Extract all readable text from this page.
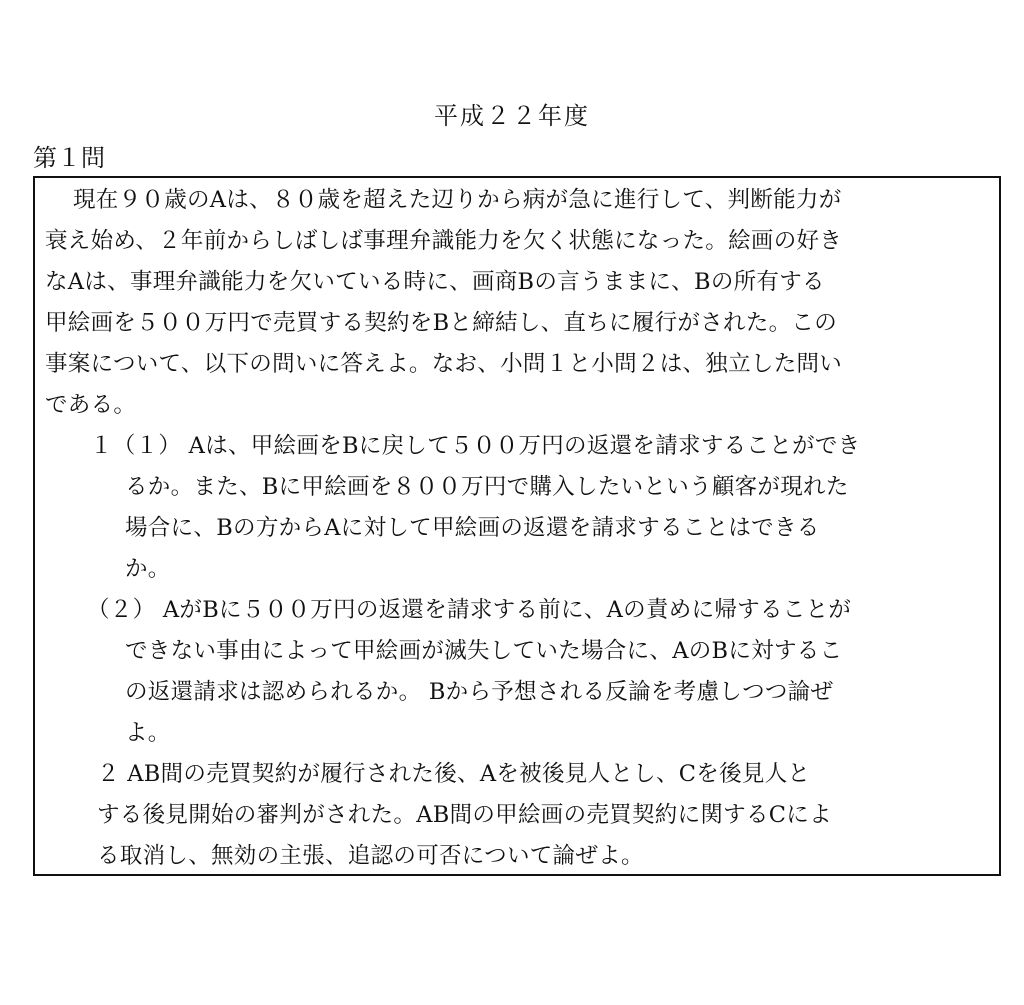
平成２２年度
第１問
現在９０歳のAは、８０歳を超えた辺りから病が急に進行して、判断能力が
衰え始め、２年前からしばしば事理弁識能力を欠く状態になった。絵画の好き
なAは、事理弁識能力を欠いている時に、画商Bの言うままに、Bの所有する
甲絵画を５００万円で売買する契約をBと締結し、直ちに履行がされた。この
事案について、以下の問いに答えよ。なお、小問１と小問２は、独立した問い
である。
１（１） Aは、甲絵画をBに戻して５００万円の返還を請求することができ
るか。また、Bに甲絵画を８００万円で購入したいという顧客が現れた
場合に、Bの方からAに対して甲絵画の返還を請求することはできる
か。
（２） AがBに５００万円の返還を請求する前に、Aの責めに帰することが
できない事由によって甲絵画が滅失していた場合に、AのBに対するこ
の返還請求は認められるか。 Bから予想される反論を考慮しつつ論ぜ
よ。
２ AB間の売買契約が履行された後、Aを被後見人とし、Cを後見人と
する後見開始の審判がされた。AB間の甲絵画の売買契約に関するCによ
る取消し、無効の主張、追認の可否について論ぜよ。
